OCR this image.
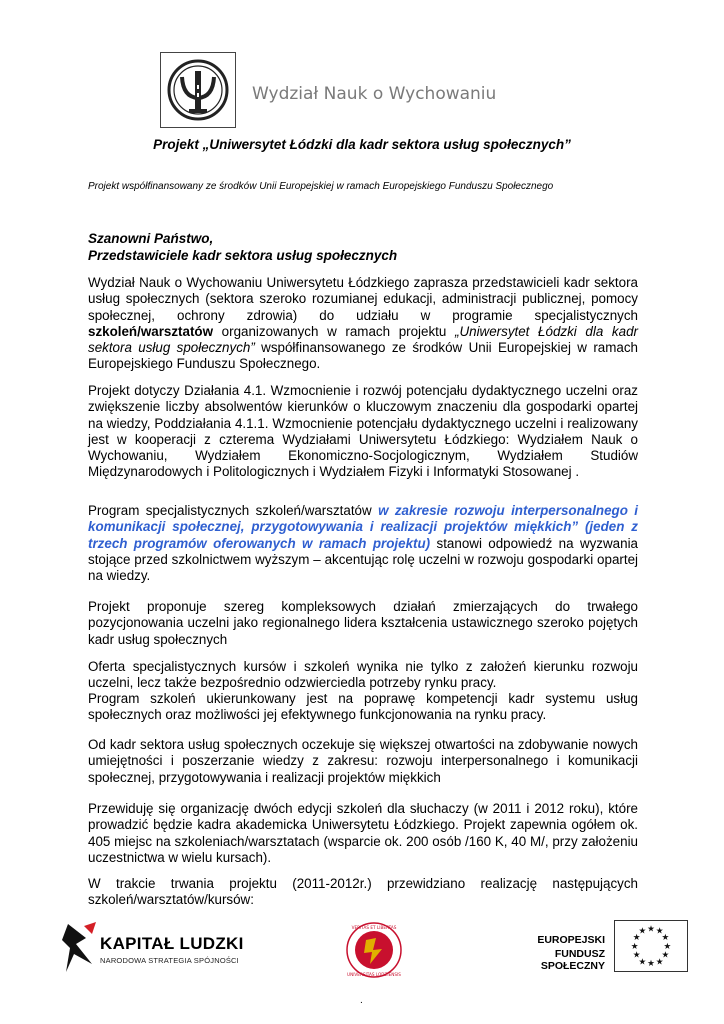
Wydział Nauk o Wychowaniu
Projekt „Uniwersytet Łódzki dla kadr sektora usług społecznych”
Projekt współfinansowany ze środków Unii Europejskiej w ramach Europejskiego Funduszu Społecznego
Szanowni Państwo,
Przedstawiciele kadr sektora usług społecznych
Wydział Nauk o Wychowaniu Uniwersytetu Łódzkiego zaprasza przedstawicieli kadr sektora usług społecznych (sektora szeroko rozumianej edukacji, administracji publicznej, pomocy społecznej, ochrony zdrowia) do udziału w programie specjalistycznych szkoleń/warsztatów organizowanych w ramach projektu „Uniwersytet Łódzki dla kadr sektora usług społecznych” współfinansowanego ze środków Unii Europejskiej w ramach Europejskiego Funduszu Społecznego.
Projekt dotyczy Działania 4.1. Wzmocnienie i rozwój potencjału dydaktycznego uczelni oraz zwiększenie liczby absolwentów kierunków o kluczowym znaczeniu dla gospodarki opartej na wiedzy, Poddziałania 4.1.1. Wzmocnienie potencjału dydaktycznego uczelni i realizowany jest w kooperacji z czterema Wydziałami Uniwersytetu Łódzkiego: Wydziałem Nauk o Wychowaniu, Wydziałem Ekonomiczno-Socjologicznym, Wydziałem Studiów Międzynarodowych i Politologicznych i Wydziałem Fizyki i Informatyki Stosowanej .
Program specjalistycznych szkoleń/warsztatów w zakresie rozwoju interpersonalnego i komunikacji społecznej, przygotowywania i realizacji projektów miękkich” (jeden z trzech programów oferowanych w ramach projektu) stanowi odpowiedź na wyzwania stojące przed szkolnictwem wyższym – akcentując rolę uczelni w rozwoju gospodarki opartej na wiedzy.
Projekt proponuje szereg kompleksowych działań zmierzających do trwałego pozycjonowania uczelni jako regionalnego lidera kształcenia ustawicznego szeroko pojętych kadr usług społecznych
Oferta specjalistycznych kursów i szkoleń wynika nie tylko z założeń kierunku rozwoju uczelni, lecz także bezpośrednio odzwierciedla potrzeby rynku pracy.
Program szkoleń ukierunkowany jest na poprawę kompetencji kadr systemu usług społecznych oraz możliwości jej efektywnego funkcjonowania na rynku pracy.
Od kadr sektora usług społecznych oczekuje się większej otwartości na zdobywanie nowych umiejętności i poszerzanie wiedzy z zakresu: rozwoju interpersonalnego i komunikacji społecznej, przygotowywania i realizacji projektów miękkich
Przewiduję się organizację dwóch edycji szkoleń dla słuchaczy (w 2011 i 2012 roku), które prowadzić będzie kadra akademicka Uniwersytetu Łódzkiego. Projekt zapewnia ogółem ok. 405 miejsc na szkoleniach/warsztatach (wsparcie ok. 200 osób /160 K, 40 M/, przy założeniu uczestnictwa w wielu kursach).
W trakcie trwania projektu (2011-2012r.) przewidziano realizację następujących szkoleń/warsztatów/kursów:
KAPITAŁ LUDZKI
NARODOWA STRATEGIA SPÓJNOŚCI
VERITAS ET LIBERTAS
UNIVERSITAS LODZIENSIS
EUROPEJSKI
FUNDUSZ SPOŁECZNY
★ ★
★
★
★
★
★
★
★
★
★
★
.
